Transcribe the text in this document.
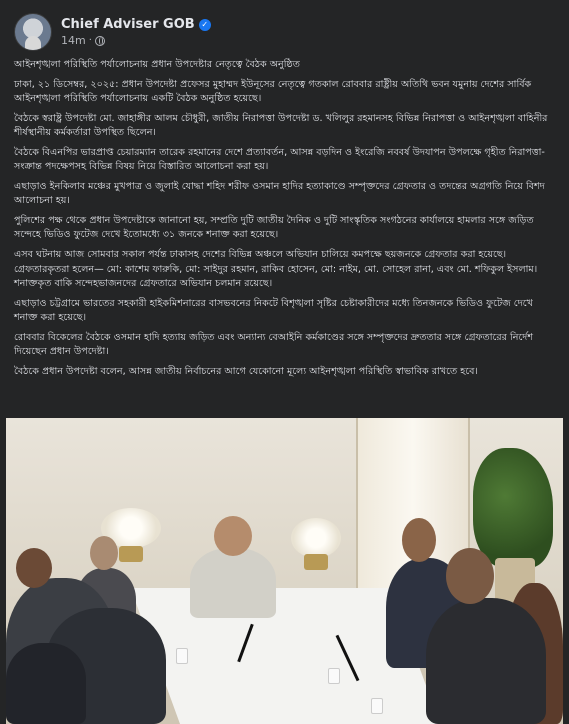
Chief Adviser GOB ✓
14m ·

আইনশৃঙ্খলা পরিস্থিতি পর্যালোচনায় প্রধান উপদেষ্টার নেতৃত্বে বৈঠক অনুষ্ঠিত

ঢাকা, ২১ ডিসেম্বর, ২০২৫: প্রধান উপদেষ্টা প্রফেসর মুহাম্মদ ইউনূসের নেতৃত্বে গতকাল রোববার রাষ্ট্রীয় অতিথি ভবন যমুনায় দেশের সার্বিক আইনশৃঙ্খলা পরিস্থিতি পর্যালোচনায় একটি বৈঠক অনুষ্ঠিত হয়েছে।

বৈঠকে স্বরাষ্ট্র উপদেষ্টা মো. জাহাঙ্গীর আলম চৌধুরী, জাতীয় নিরাপত্তা উপদেষ্টা ড. খলিলুর রহমানসহ বিভিন্ন নিরাপত্তা ও আইনশৃঙ্খলা বাহিনীর শীর্ষস্থানীয় কর্মকর্তারা উপস্থিত ছিলেন।

বৈঠকে বিএনপির ভারপ্রাপ্ত চেয়ারম্যান তারেক রহমানের দেশে প্রত্যাবর্তন, আসন্ন বড়দিন ও ইংরেজি নববর্ষ উদযাপন উপলক্ষে গৃহীত নিরাপত্তা-সংক্রান্ত পদক্ষেপসহ বিভিন্ন বিষয় নিয়ে বিস্তারিত আলোচনা করা হয়।

এছাড়াও ইনকিলাব মঞ্চের মুখপাত্র ও জুলাই যোদ্ধা শহিদ শরীফ ওসমান হাদির হত্যাকাণ্ডে সম্পৃক্তদের গ্রেফতার ও তদন্তের অগ্রগতি নিয়ে বিশদ আলোচনা হয়।

পুলিশের পক্ষ থেকে প্রধান উপদেষ্টাকে জানানো হয়, সম্প্রতি দুটি জাতীয় দৈনিক ও দুটি সাংস্কৃতিক সংগঠনের কার্যালয়ে হামলার সঙ্গে জড়িত সন্দেহে ভিডিও ফুটেজ দেখে ইতোমধ্যে ৩১ জনকে শনাক্ত করা হয়েছে।

এসব ঘটনায় আজ সোমবার সকাল পর্যন্ত ঢাকাসহ দেশের বিভিন্ন অঞ্চলে অভিযান চালিয়ে কমপক্ষে ছয়জনকে গ্রেফতার করা হয়েছে। গ্রেফতারকৃতরা হলেন— মো: কাশেম ফারুকি, মো: সাইদুর রহমান, রাকিব হোসেন, মো: নাইম, মো. সোহেল রানা, এবং মো. শফিকুল ইসলাম। শনাক্তকৃত বাকি সন্দেহভাজনদের গ্রেফতারে অভিযান চলমান রয়েছে।

এছাড়াও চট্টগ্রামে ভারতের সহকারী হাইকমিশনারের বাসভবনের নিকটে বিশৃঙ্খলা সৃষ্টির চেষ্টাকারীদের মধ্যে তিনজনকে ভিডিও ফুটেজ দেখে শনাক্ত করা হয়েছে।

রোববার বিকেলের বৈঠকে ওসমান হাদি হত্যায় জড়িত এবং অন্যান্য বেআইনি কর্মকাণ্ডের সঙ্গে সম্পৃক্তদের দ্রুততার সঙ্গে গ্রেফতারের নির্দেশ দিয়েছেন প্রধান উপদেষ্টা।

বৈঠকে প্রধান উপদেষ্টা বলেন, আসন্ন জাতীয় নির্বাচনের আগে যেকোনো মূল্যে আইনশৃঙ্খলা পরিস্থিতি স্বাভাবিক রাখতে হবে।
